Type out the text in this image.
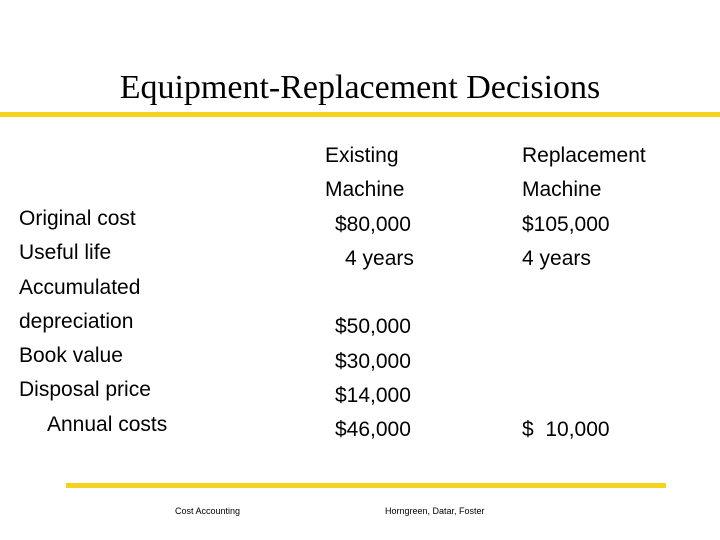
Equipment-Replacement Decisions
Original cost
Useful life
Accumulated
depreciation
Book value
Disposal price
Annual costs
Existing
Machine
$80,000
4 years
$50,000
$30,000
$14,000
$46,000
Replacement
Machine
$105,000
4 years
$  10,000
Cost Accounting	Horngreen, Datar, Foster
